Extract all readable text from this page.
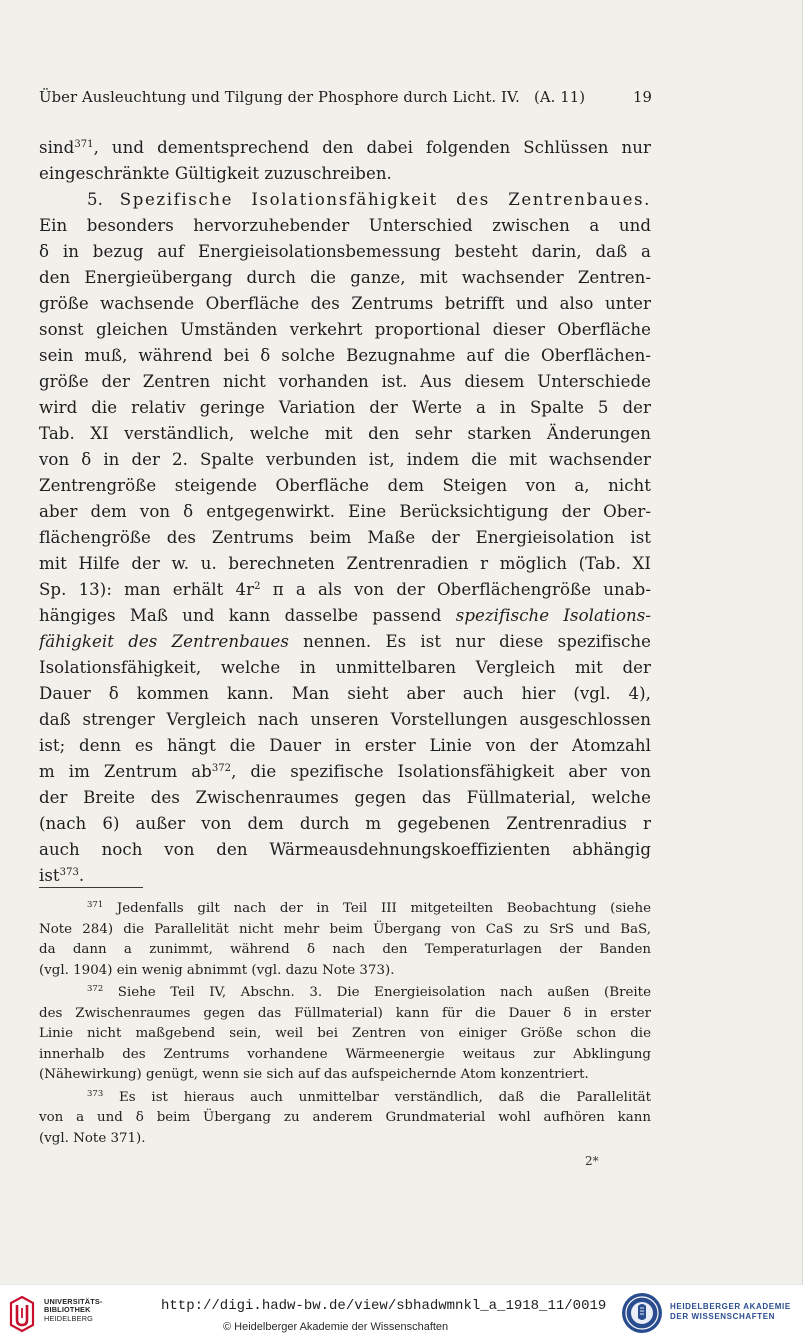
Über Ausleuchtung und Tilgung der Phosphore durch Licht. IV. (A. 11)	19

sind$^{371}$, und dementsprechend den dabei folgenden Schlüssen nur

eingeschränkte Gültigkeit zuzuschreiben.

5. Spezifische Isolationsfähigkeit des Zentrenbaues.

Ein besonders hervorzuhebender Unterschied zwischen a und

δ in bezug auf Energieisolationsbemessung besteht darin, daß a

den Energieübergang durch die ganze, mit wachsender Zentren-

größe wachsende Oberfläche des Zentrums betrifft und also unter

sonst gleichen Umständen verkehrt proportional dieser Oberfläche

sein muß, während bei δ solche Bezugnahme auf die Oberflächen-

größe der Zentren nicht vorhanden ist. Aus diesem Unterschiede

wird die relativ geringe Variation der Werte a in Spalte 5 der

Tab. XI verständlich, welche mit den sehr starken Änderungen

von δ in der 2. Spalte verbunden ist, indem die mit wachsender

Zentrengröße steigende Oberfläche dem Steigen von a, nicht

aber dem von δ entgegenwirkt. Eine Berücksichtigung der Ober-

flächengröße des Zentrums beim Maße der Energieisolation ist

mit Hilfe der w. u. berechneten Zentrenradien r möglich (Tab. XI

Sp. 13): man erhält $4r^2$ π a als von der Oberflächengröße unab-

hängiges Maß und kann dasselbe passend spezifische Isolations-

fähigkeit des Zentrenbaues nennen. Es ist nur diese spezifische

Isolationsfähigkeit, welche in unmittelbaren Vergleich mit der

Dauer δ kommen kann. Man sieht aber auch hier (vgl. 4),

daß strenger Vergleich nach unseren Vorstellungen ausgeschlossen

ist; denn es hängt die Dauer in erster Linie von der Atomzahl

m im Zentrum $ab^{372}$, die spezifische Isolationsfähigkeit aber von

der Breite des Zwischenraumes gegen das Füllmaterial, welche

(nach 6) außer von dem durch m gegebenen Zentrenradius r

auch noch von den Wärmeausdehnungskoeffizienten abhängig

ist$^{373}$.

$^{371}$ Jedenfalls gilt nach der in Teil III mitgeteilten Beobachtung (siehe

Note 284) die Parallelität nicht mehr beim Übergang von CaS zu SrS und BaS,

da dann a zunimmt, während δ nach den Temperaturlagen der Banden

(vgl. 1904) ein wenig abnimmt (vgl. dazu Note 373).

$^{372}$ Siehe Teil IV, Abschn. 3. Die Energieisolation nach außen (Breite

des Zwischenraumes gegen das Füllmaterial) kann für die Dauer δ in erster

Linie nicht maßgebend sein, weil bei Zentren von einiger Größe schon die

innerhalb des Zentrums vorhandene Wärmeenergie weitaus zur Abklingung

(Nähewirkung) genügt, wenn sie sich auf das aufspeichernde Atom konzentriert.

$^{373}$ Es ist hieraus auch unmittelbar verständlich, daß die Parallelität

von a und δ beim Übergang zu anderem Grundmaterial wohl aufhören kann

(vgl. Note 371).

2*
UNIVERSITÄTS-
BIBLIOTHEK
HEIDELBERG
http://digi.hadw-bw.de/view/sbhadwmnkl_a_1918_11/0019
© Heidelberger Akademie der Wissenschaften
HEIDELBERGER AKADEMIE
DER WISSENSCHAFTEN
